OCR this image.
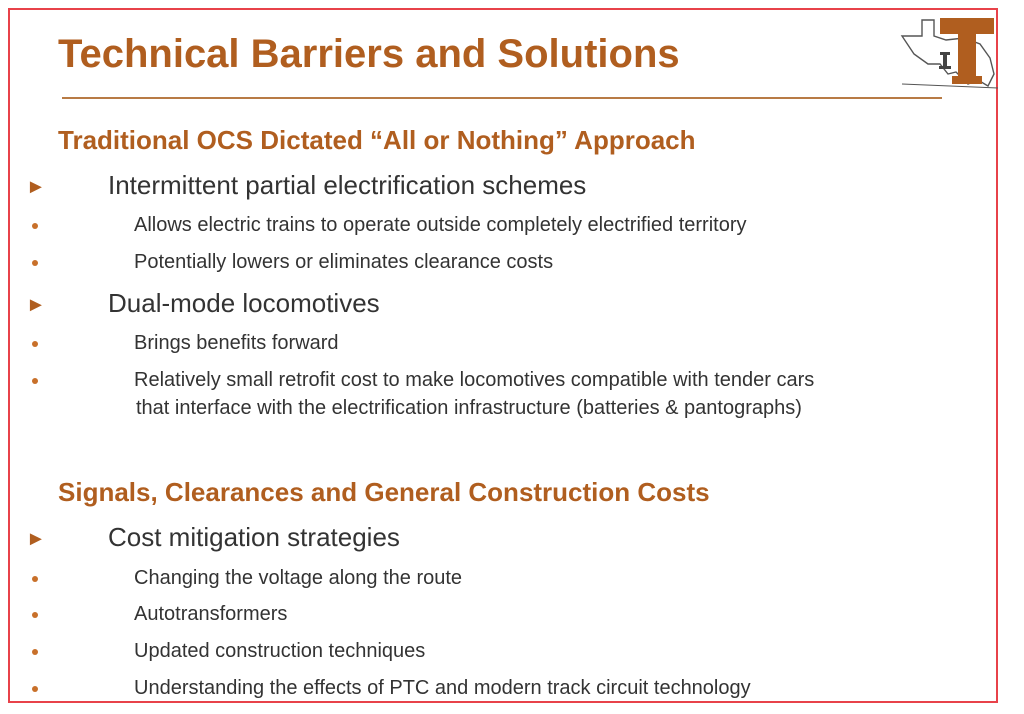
Technical Barriers and Solutions
Traditional OCS Dictated “All or Nothing” Approach
► Intermittent partial electrification schemes
Allows electric trains to operate outside completely electrified territory
Potentially lowers or eliminates clearance costs
► Dual-mode locomotives
Brings benefits forward
Relatively small retrofit cost to make locomotives compatible with tender cars
that interface with the electrification infrastructure (batteries & pantographs)
Signals, Clearances and General Construction Costs
► Cost mitigation strategies
Changing the voltage along the route
Autotransformers
Updated construction techniques
Understanding the effects of PTC and modern track circuit technology
